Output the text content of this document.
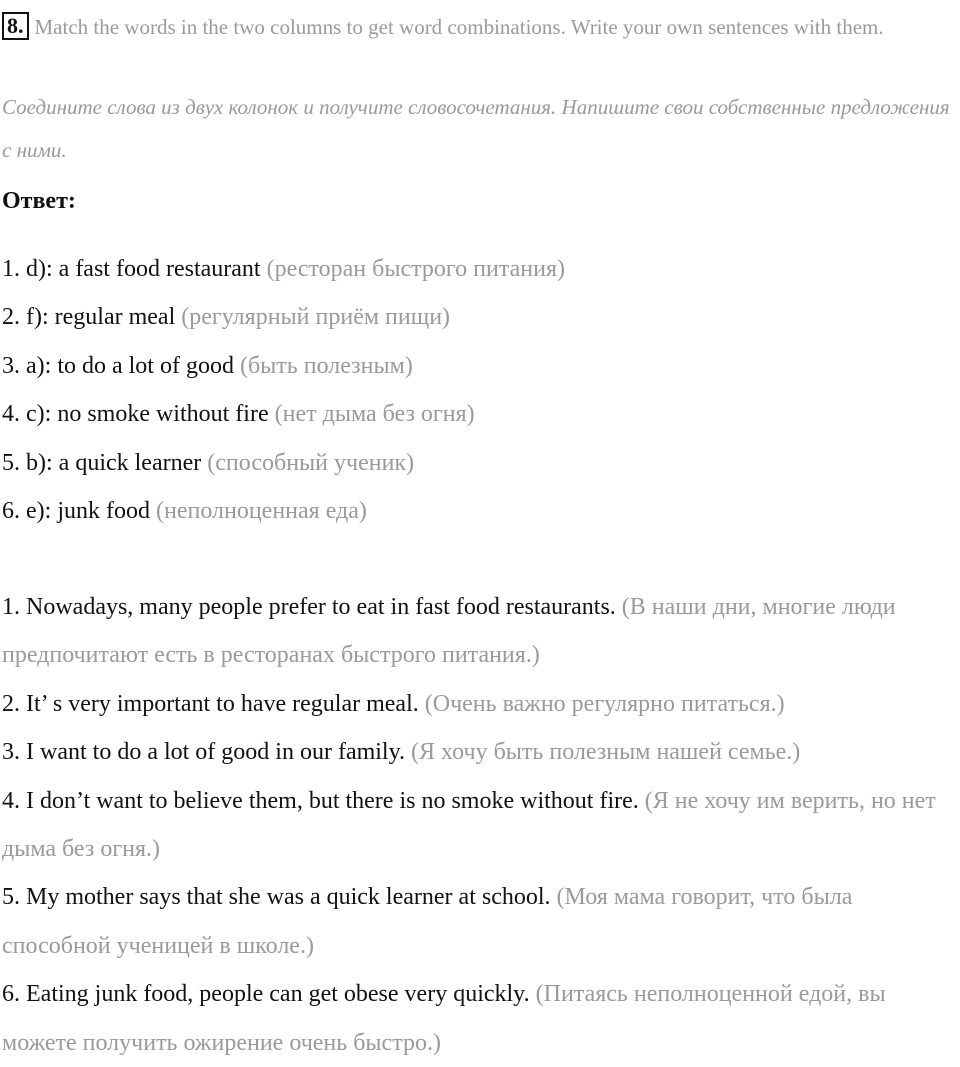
8. Match the words in the two columns to get word combinations. Write your own sentences with them.
Соедините слова из двух колонок и получите словосочетания. Напишите свои собственные предложения с ними.
Ответ:
1. d): a fast food restaurant (ресторан быстрого питания)
2. f): regular meal (регулярный приём пищи)
3. a): to do a lot of good (быть полезным)
4. c): no smoke without fire (нет дыма без огня)
5. b): a quick learner (способный ученик)
6. e): junk food (неполноценная еда)
1. Nowadays, many people prefer to eat in fast food restaurants. (В наши дни, многие люди предпочитают есть в ресторанах быстрого питания.)
2. It’ s very important to have regular meal. (Очень важно регулярно питаться.)
3. I want to do a lot of good in our family. (Я хочу быть полезным нашей семье.)
4. I don’t want to believe them, but there is no smoke without fire. (Я не хочу им верить, но нет дыма без огня.)
5. My mother says that she was a quick learner at school. (Моя мама говорит, что была способной ученицей в школе.)
6. Eating junk food, people can get obese very quickly. (Питаясь неполноценной едой, вы можете получить ожирение очень быстро.)
